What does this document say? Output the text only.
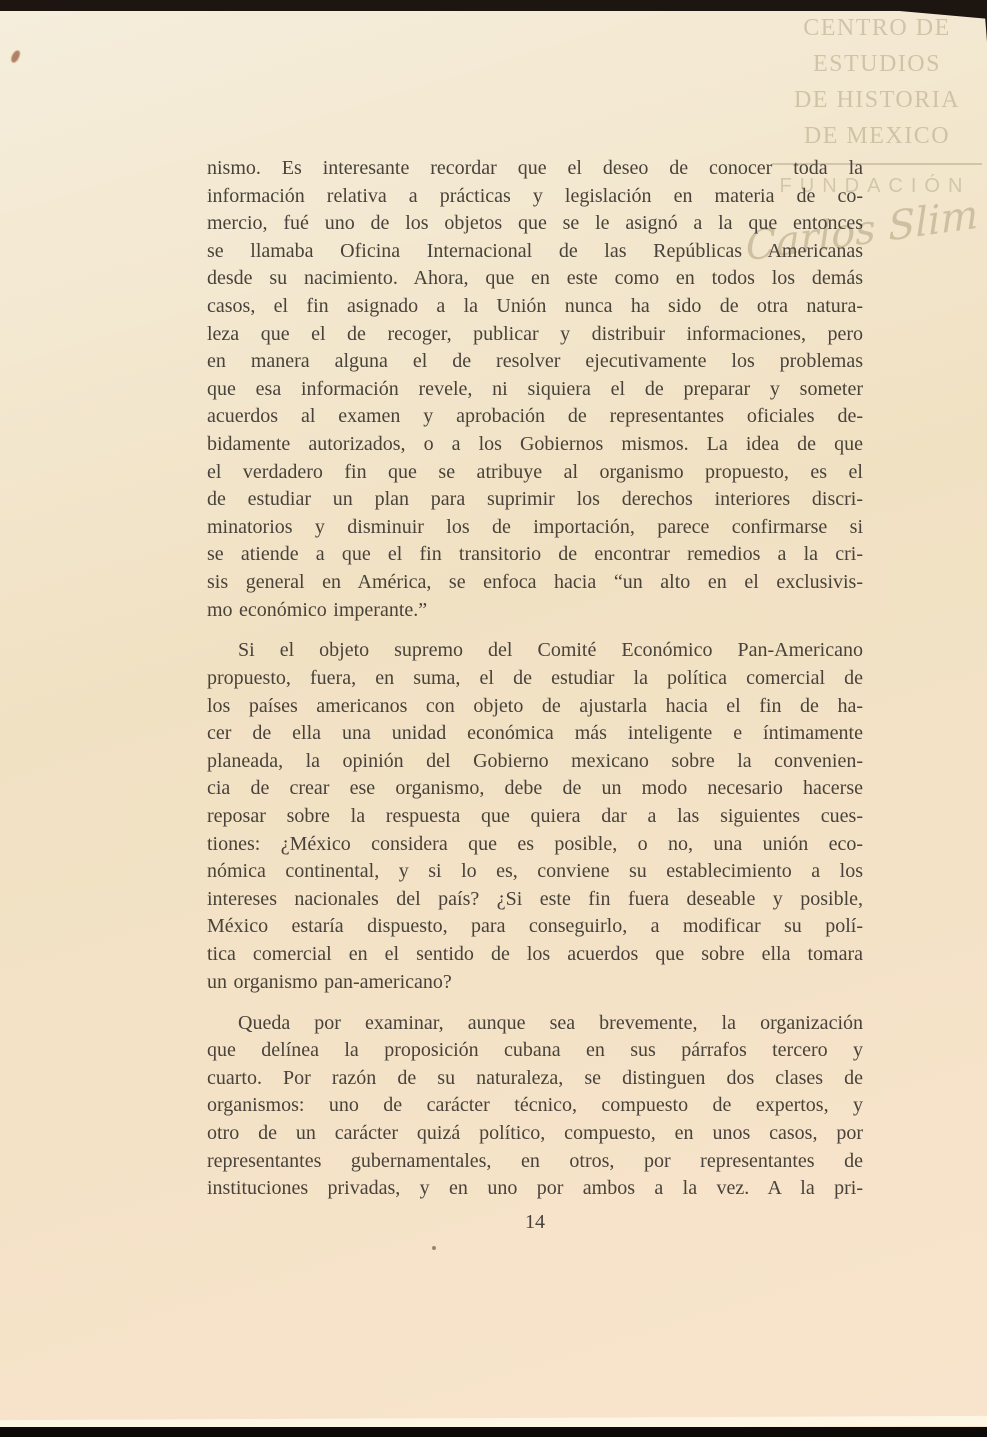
CENTRO DE
ESTUDIOS
DE HISTORIA
DE MEXICO
FUNDACIÓN
Carlos Slim
nismo. Es interesante recordar que el deseo de conocer toda la
información relativa a prácticas y legislación en materia de co-
mercio, fué uno de los objetos que se le asignó a la que entonces
se llamaba Oficina Internacional de las Repúblicas Americanas
desde su nacimiento. Ahora, que en este como en todos los demás
casos, el fin asignado a la Unión nunca ha sido de otra natura-
leza que el de recoger, publicar y distribuir informaciones, pero
en manera alguna el de resolver ejecutivamente los problemas
que esa información revele, ni siquiera el de preparar y someter
acuerdos al examen y aprobación de representantes oficiales de-
bidamente autorizados, o a los Gobiernos mismos. La idea de que
el verdadero fin que se atribuye al organismo propuesto, es el
de estudiar un plan para suprimir los derechos interiores discri-
minatorios y disminuir los de importación, parece confirmarse si
se atiende a que el fin transitorio de encontrar remedios a la cri-
sis general en América, se enfoca hacia “un alto en el exclusivis-
mo económico imperante.”
Si el objeto supremo del Comité Económico Pan-Americano
propuesto, fuera, en suma, el de estudiar la política comercial de
los países americanos con objeto de ajustarla hacia el fin de ha-
cer de ella una unidad económica más inteligente e íntimamente
planeada, la opinión del Gobierno mexicano sobre la convenien-
cia de crear ese organismo, debe de un modo necesario hacerse
reposar sobre la respuesta que quiera dar a las siguientes cues-
tiones: ¿México considera que es posible, o no, una unión eco-
nómica continental, y si lo es, conviene su establecimiento a los
intereses nacionales del país? ¿Si este fin fuera deseable y posible,
México estaría dispuesto, para conseguirlo, a modificar su polí-
tica comercial en el sentido de los acuerdos que sobre ella tomara
un organismo pan-americano?
Queda por examinar, aunque sea brevemente, la organización
que delínea la proposición cubana en sus párrafos tercero y
cuarto. Por razón de su naturaleza, se distinguen dos clases de
organismos: uno de carácter técnico, compuesto de expertos, y
otro de un carácter quizá político, compuesto, en unos casos, por
representantes gubernamentales, en otros, por representantes de
instituciones privadas, y en uno por ambos a la vez. A la pri-
14
